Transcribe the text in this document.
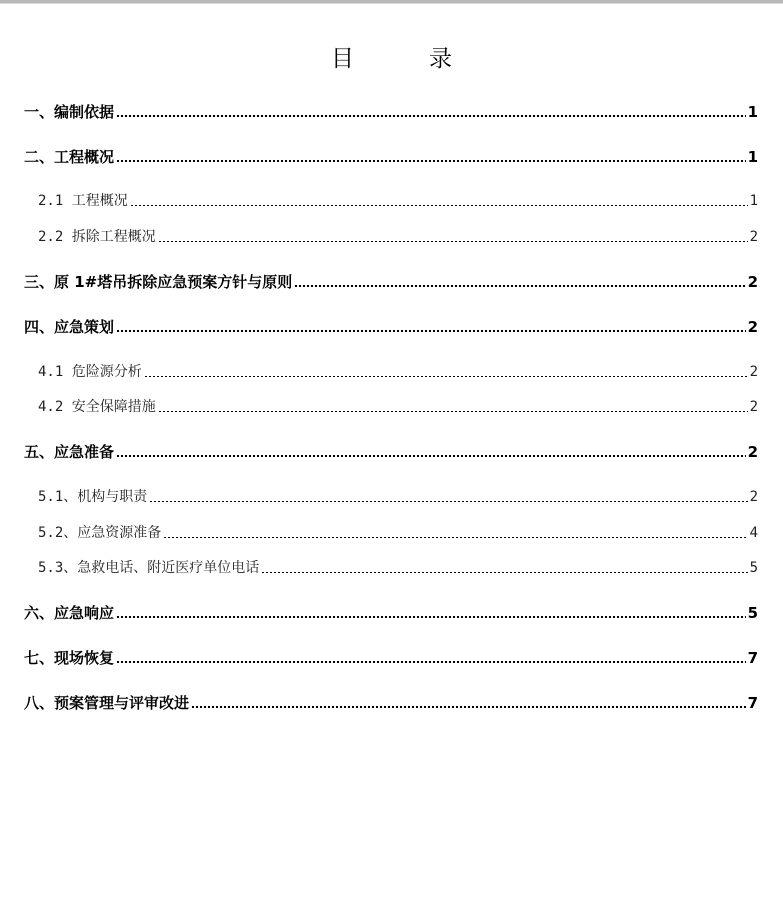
目　录
一、编制依据	1
二、工程概况	1
2.1 工程概况	1
2.2 拆除工程概况	2
三、原 1#塔吊拆除应急预案方针与原则	2
四、应急策划	2
4.1 危险源分析	2
4.2 安全保障措施	2
五、应急准备	2
5.1、机构与职责	2
5.2、应急资源准备	4
5.3、急救电话、附近医疗单位电话	5
六、应急响应	5
七、现场恢复	7
八、预案管理与评审改进	7
